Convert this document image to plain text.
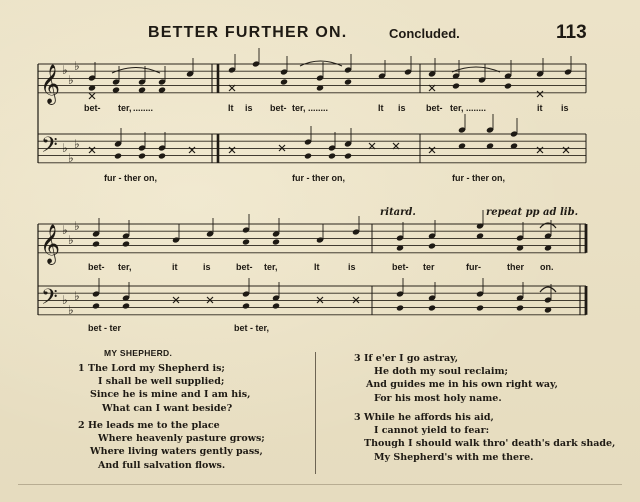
BETTER FURTHER ON.	Concluded.	113
𝄞
𝄞
𝄢
𝄢
♭
♭
♭
♭
♭
♭
♭
♭
♭
♭
♭
♭
ritard.	repeat pp ad lib.
bet- ter, ........	It is bet- ter, ........	It is bet- ter, ........	it is
fur - ther on,	fur - ther on,	fur - ther on,
bet- ter,	it	is	bet- ter,	It	is	bet- ter	fur-	ther on.
bet - ter	bet - ter,
MY SHEPHERD.
1 The Lord my Shepherd is;
I shall be well supplied;
Since he is mine and I am his,
What can I want beside?
2 He leads me to the place
Where heavenly pasture grows;
Where living waters gently pass,
And full salvation flows.
3 If e'er I go astray,
He doth my soul reclaim;
And guides me in his own right way,
For his most holy name.
3 While he affords his aid,
I cannot yield to fear:
Though I should walk thro' death's dark shade,
My Shepherd's with me there.
